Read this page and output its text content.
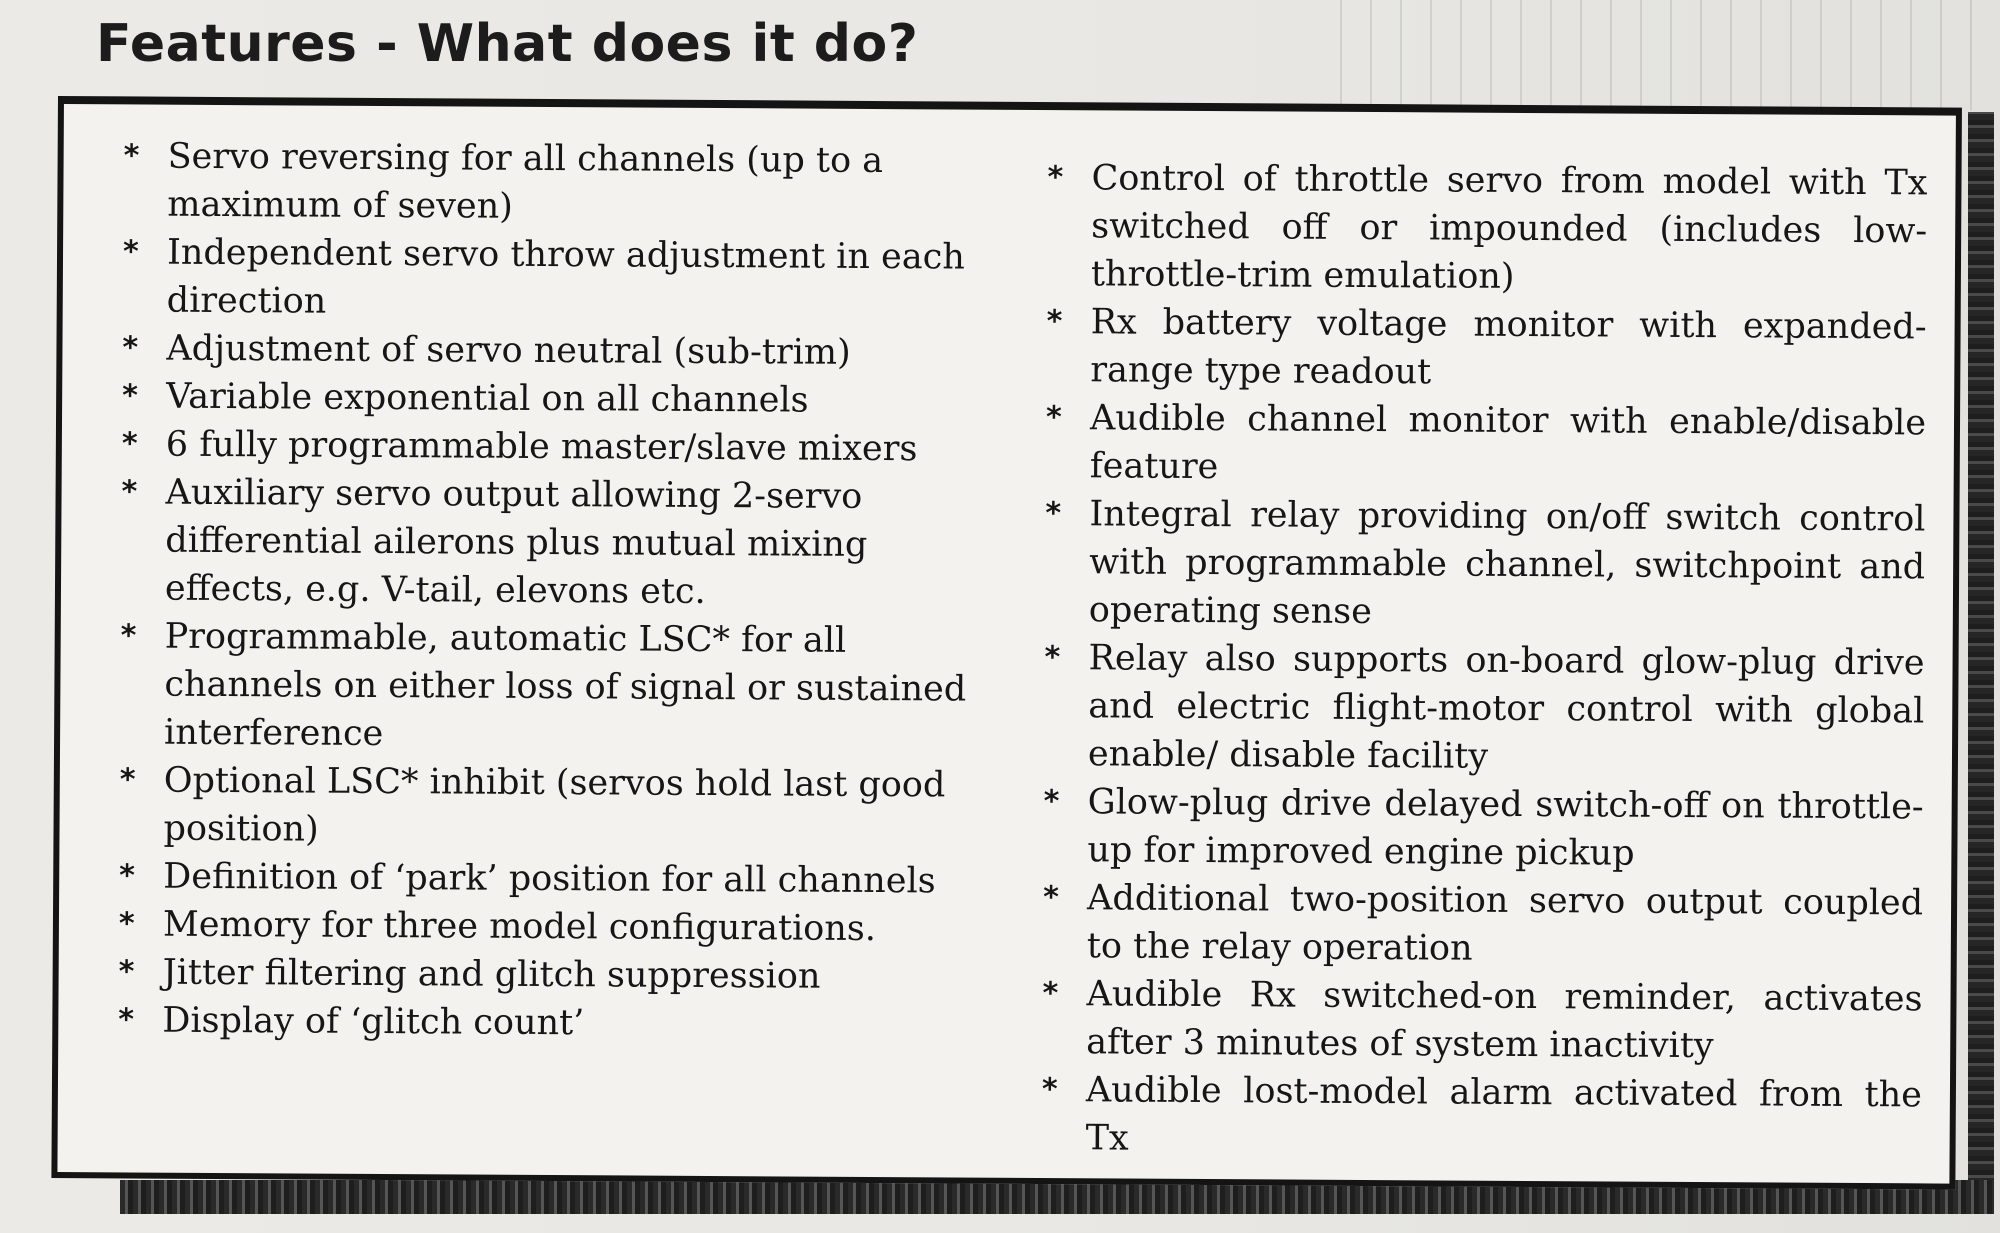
Features - What does it do?
* Servo reversing for all channels (up to a maximum of seven)
* Independent servo throw adjustment in each direction
* Adjustment of servo neutral (sub-trim)
* Variable exponential on all channels
* 6 fully programmable master/slave mixers
* Auxiliary servo output allowing 2-servo differential ailerons plus mutual mixing effects, e.g. V-tail, elevons etc.
* Programmable, automatic LSC* for all channels on either loss of signal or sustained interference
* Optional LSC* inhibit (servos hold last good position)
* Definition of ‘park’ position for all channels
* Memory for three model configurations.
* Jitter filtering and glitch suppression
* Display of ‘glitch count’
* Control of throttle servo from model with Tx switched off or impounded (includes low-throttle-trim emulation)
* Rx battery voltage monitor with expanded-range type readout
* Audible channel monitor with enable/disable feature
* Integral relay providing on/off switch control with programmable channel, switchpoint and operating sense
* Relay also supports on-board glow-plug drive and electric flight-motor control with global enable/ disable facility
* Glow-plug drive delayed switch-off on throttle-up for improved engine pickup
* Additional two-position servo output coupled to the relay operation
* Audible Rx switched-on reminder, activates after 3 minutes of system inactivity
* Audible lost-model alarm activated from the Tx
